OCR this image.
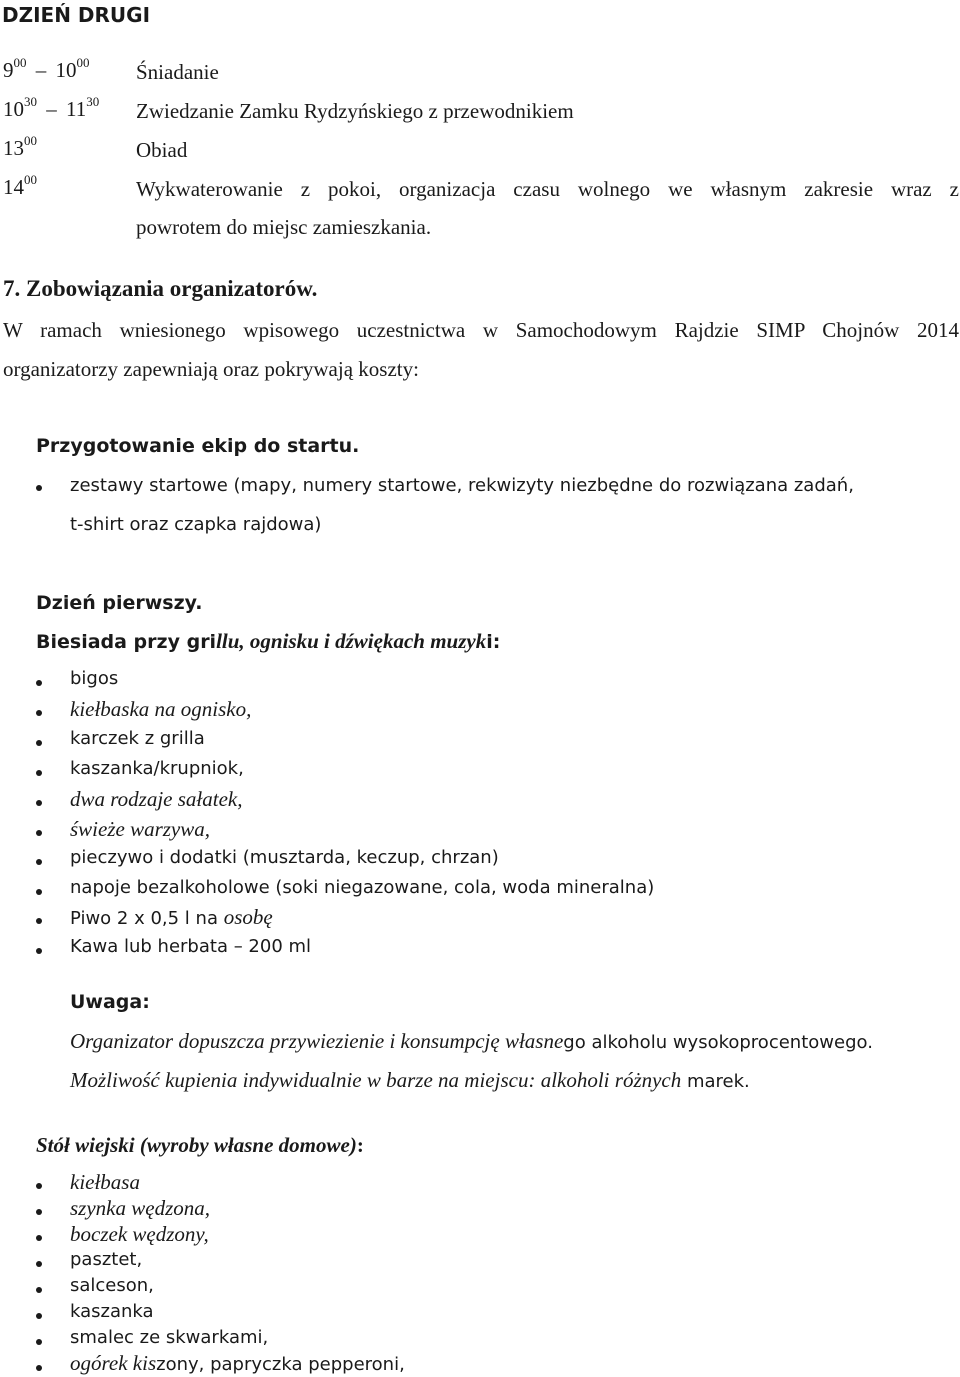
DZIEŃ DRUGI
$9^{00} - 10^{00}$ Śniadanie
$10^{30} - 11^{30}$ Zwiedzanie Zamku Rydzyńskiego z przewodnikiem
$13^{00}$	Obiad
$14^{00}$	Wykwaterowanie z pokoi, organizacja czasu wolnego we własnym zakresie wraz z
powrotem do miejsc zamieszkania.
7. Zobowiązania organizatorów.
W ramach wniesionego wpisowego uczestnictwa w Samochodowym Rajdzie SIMP Chojnów 2014
organizatorzy zapewniają oraz pokrywają koszty:
Przygotowanie ekip do startu.
zestawy startowe (mapy, numery startowe, rekwizyty niezbędne do rozwiązana zadań,
t-shirt oraz czapka rajdowa)
Dzień pierwszy.
Biesiada przy grillu, ognisku i dźwiękach muzyki:
bigos
kiełbaska na ognisko,
karczek z grilla
kaszanka/krupniok,
dwa rodzaje sałatek,
świeże warzywa,
pieczywo i dodatki (musztarda, keczup, chrzan)
napoje bezalkoholowe (soki niegazowane, cola, woda mineralna)
Piwo 2 x 0,5 l na osobę
Kawa lub herbata – 200 ml
Uwaga:
Organizator dopuszcza przywiezienie i konsumpcję własnego alkoholu wysokoprocentowego.
Możliwość kupienia indywidualnie w barze na miejscu: alkoholi różnych marek.
Stół wiejski (wyroby własne domowe):
kiełbasa
szynka wędzona,
boczek wędzony,
pasztet,
salceson,
kaszanka
smalec ze skwarkami,
ogórek kiszony, papryczka pepperoni,
